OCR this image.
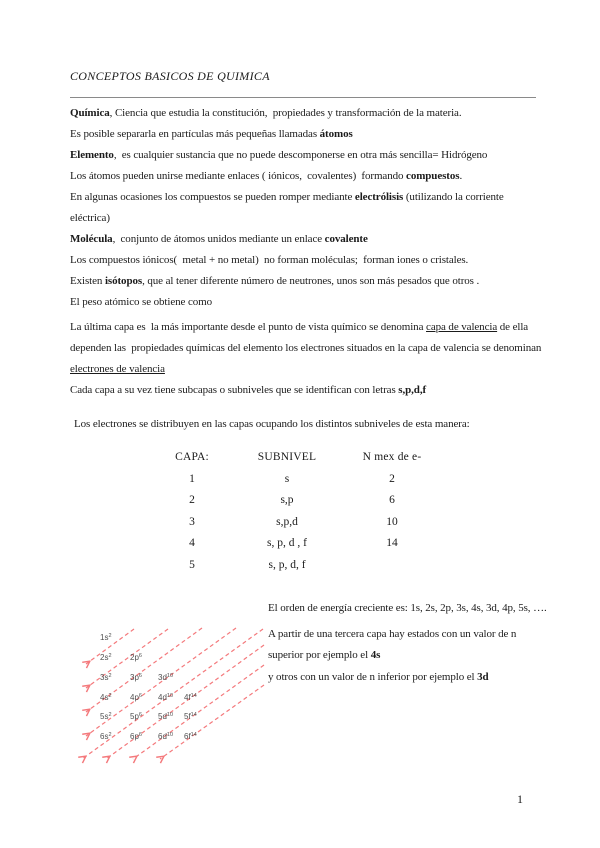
CONCEPTOS BASICOS DE QUIMICA
Química, Ciencia que estudia la constitución,  propiedades y transformación de la materia.
Es posible separarla en partículas más pequeñas llamadas átomos
Elemento,  es cualquier sustancia que no puede descomponerse en otra más sencilla= Hidrógeno
Los átomos pueden unirse mediante enlaces ( iónicos,  covalentes)  formando compuestos.
En algunas ocasiones los compuestos se pueden romper mediante electrólisis (utilizando la corriente eléctrica)
Molécula,  conjunto de átomos unidos mediante un enlace covalente
Los compuestos iónicos(  metal + no metal)  no forman moléculas;  forman iones o cristales.
Existen isótopos, que al tener diferente número de neutrones, unos son más pesados que otros .
El peso atómico se obtiene como
La última capa es  la más importante desde el punto de vista químico se denomina capa de valencia de ella dependen las  propiedades químicas del elemento los electrones situados en la capa de valencia se denominan electrones de valencia
Cada capa a su vez tiene subcapas o subniveles que se identifican con letras s,p,d,f
Los electrones se distribuyen en las capas ocupando los distintos subniveles de esta manera:
CAPA:	SUBNIVEL	N mex de e-
1	s	2
2	s,p	6
3	s,p,d	10
4	s, p, d , f	14
5	s, p, d, f
El orden de energía creciente es: 1s, 2s, 2p, 3s, 4s, 3d, 4p, 5s, ….
A partir de una tercera capa hay estados con un valor de n superior por ejemplo el 4s
y otros con un valor de n inferior por ejemplo el 3d
$1s^2$
$2s^2$ $2p^6$
$3s^2$ $3p^6$ $3d^{10}$
$4s^2$ $4p^6$ $4d^{10}$ $4f^{14}$
$5s^2$ $5p^6$ $5d^{10}$ $5f^{14}$
$6s^2$ $6p^6$ $6d^{10}$ $6f^{14}$
1
